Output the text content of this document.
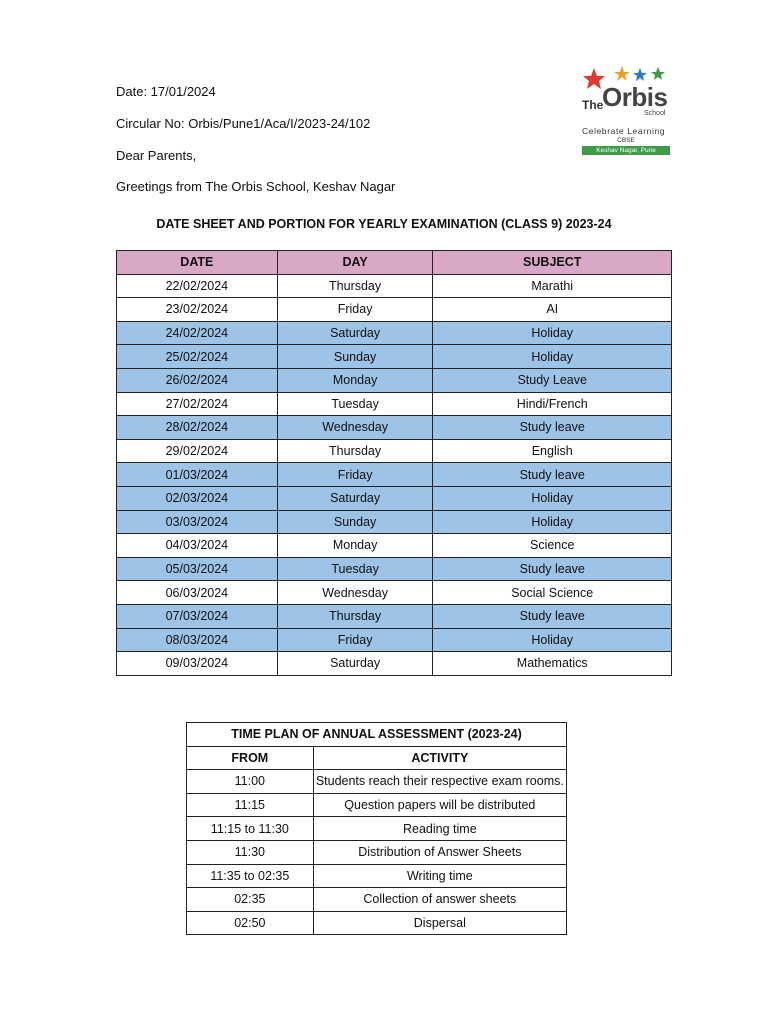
Date: 17/01/2024
Circular No: Orbis/Pune1/Aca/I/2023-24/102
Dear Parents,
Greetings from The Orbis School, Keshav Nagar
The
Orbis
School
Celebrate Learning
CBSE
Keshav Nagar, Pune
DATE SHEET AND PORTION FOR YEARLY EXAMINATION (CLASS 9) 2023-24
DATE	DAY	SUBJECT
22/02/2024	Thursday	Marathi
23/02/2024	Friday	AI
24/02/2024	Saturday	Holiday
25/02/2024	Sunday	Holiday
26/02/2024	Monday	Study Leave
27/02/2024	Tuesday	Hindi/French
28/02/2024	Wednesday	Study leave
29/02/2024	Thursday	English
01/03/2024	Friday	Study leave
02/03/2024	Saturday	Holiday
03/03/2024	Sunday	Holiday
04/03/2024	Monday	Science
05/03/2024	Tuesday	Study leave
06/03/2024	Wednesday	Social Science
07/03/2024	Thursday	Study leave
08/03/2024	Friday	Holiday
09/03/2024	Saturday	Mathematics
TIME PLAN OF ANNUAL ASSESSMENT (2023-24)	
FROM	ACTIVITY
11:00	Students reach their respective exam rooms.
11:15	Question papers will be distributed
11:15 to 11:30	Reading time
11:30	Distribution of Answer Sheets
11:35 to 02:35	Writing time
02:35	Collection of answer sheets
02:50	Dispersal
